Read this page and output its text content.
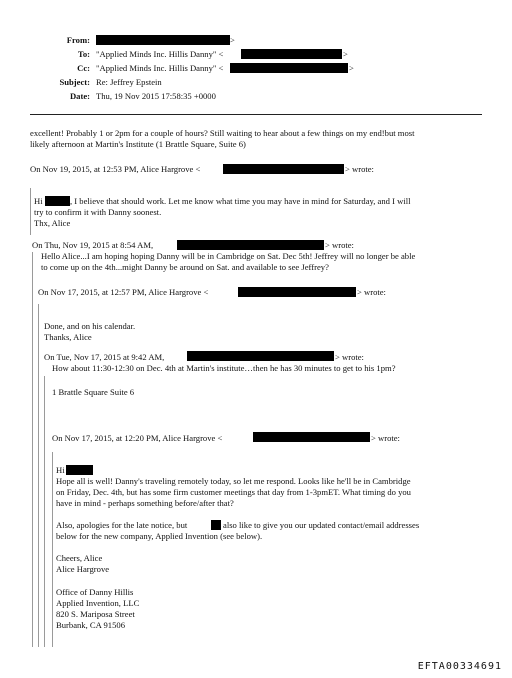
From:	>
To: "Applied Minds Inc. Hillis Danny" <	>
Cc: "Applied Minds Inc. Hillis Danny" <	>
Subject: Re: Jeffrey Epstein
Date: Thu, 19 Nov 2015 17:58:35 +0000
excellent! Probably 1 or 2pm for a couple of hours? Still waiting to hear about a few things on my end!but most
likely afternoon at Martin's Institute (1 Brattle Square, Suite 6)
On Nov 19, 2015, at 12:53 PM, Alice Hargrove <	> wrote:
Hi	, I believe that should work. Let me know what time you may have in mind for Saturday, and I will
try to confirm it with Danny soonest.
Thx, Alice
On Thu, Nov 19, 2015 at 8:54 AM,	> wrote:
Hello Alice...I am hoping hoping Danny will be in Cambridge on Sat. Dec 5th! Jeffrey will no longer be able
to come up on the 4th...might Danny be around on Sat. and available to see Jeffrey?
On Nov 17, 2015, at 12:57 PM, Alice Hargrove <	> wrote:
Done, and on his calendar.
Thanks, Alice
On Tue, Nov 17, 2015 at 9:42 AM,	> wrote:
How about 11:30-12:30 on Dec. 4th at Martin's institute…then he has 30 minutes to get to his 1pm?
1 Brattle Square Suite 6
On Nov 17, 2015, at 12:20 PM, Alice Hargrove <	> wrote:
Hi
Hope all is well! Danny's traveling remotely today, so let me respond. Looks like he'll be in Cambridge
on Friday, Dec. 4th, but has some firm customer meetings that day from 1-3pmET. What timing do you
have in mind - perhaps something before/after that?
Also, apologies for the late notice, but	also like to give you our updated contact/email addresses
below for the new company, Applied Invention (see below).
Cheers, Alice
Alice Hargrove
Office of Danny Hillis
Applied Invention, LLC
820 S. Mariposa Street
Burbank, CA 91506
EFTA00334691
